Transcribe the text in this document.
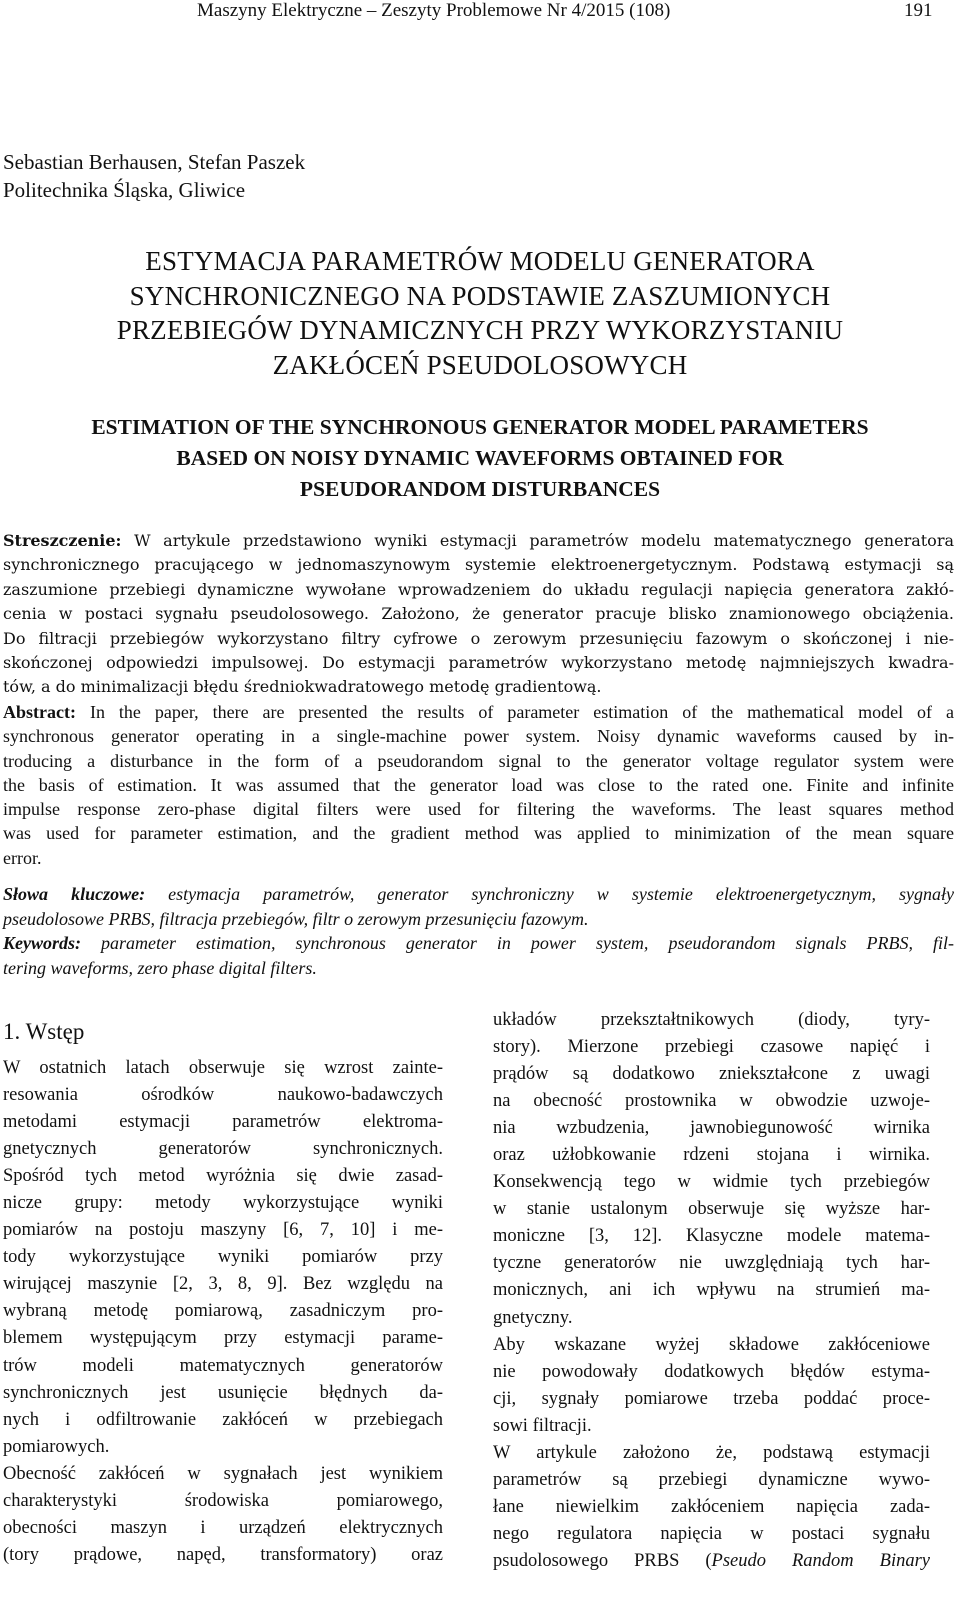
Maszyny Elektryczne – Zeszyty Problemowe Nr 4/2015 (108)	191
Sebastian Berhausen, Stefan Paszek
Politechnika Śląska, Gliwice
ESTYMACJA PARAMETRÓW MODELU GENERATORA
SYNCHRONICZNEGO NA PODSTAWIE ZASZUMIONYCH
PRZEBIEGÓW DYNAMICZNYCH PRZY WYKORZYSTANIU
ZAKŁÓCEŃ PSEUDOLOSOWYCH
ESTIMATION OF THE SYNCHRONOUS GENERATOR MODEL PARAMETERS
BASED ON NOISY DYNAMIC WAVEFORMS OBTAINED FOR
PSEUDORANDOM DISTURBANCES
Streszczenie: W artykule przedstawiono wyniki estymacji parametrów modelu matematycznego generatora
synchronicznego pracującego w jednomaszynowym systemie elektroenergetycznym. Podstawą estymacji są
zaszumione przebiegi dynamiczne wywołane wprowadzeniem do układu regulacji napięcia generatora zakłó-
cenia w postaci sygnału pseudolosowego. Założono, że generator pracuje blisko znamionowego obciążenia.
Do filtracji przebiegów wykorzystano filtry cyfrowe o zerowym przesunięciu fazowym o skończonej i nie-
skończonej odpowiedzi impulsowej. Do estymacji parametrów wykorzystano metodę najmniejszych kwadra-
tów, a do minimalizacji błędu średniokwadratowego metodę gradientową.
Abstract: In the paper, there are presented the results of parameter estimation of the mathematical model of a
synchronous generator operating in a single-machine power system. Noisy dynamic waveforms caused by in-
troducing a disturbance in the form of a pseudorandom signal to the generator voltage regulator system were
the basis of estimation. It was assumed that the generator load was close to the rated one. Finite and infinite
impulse response zero-phase digital filters were used for filtering the waveforms. The least squares method
was used for parameter estimation, and the gradient method was applied to minimization of the mean square
error.
Słowa kluczowe: estymacja parametrów, generator synchroniczny w systemie elektroenergetycznym, sygnały
pseudolosowe PRBS, filtracja przebiegów, filtr o zerowym przesunięciu fazowym.
Keywords: parameter estimation, synchronous generator in power system, pseudorandom signals PRBS, fil-
tering waveforms, zero phase digital filters.
1. Wstęp
W ostatnich latach obserwuje się wzrost zainte-
resowania ośrodków naukowo-badawczych
metodami estymacji parametrów elektroma-
gnetycznych generatorów synchronicznych.
Spośród tych metod wyróżnia się dwie zasad-
nicze grupy: metody wykorzystujące wyniki
pomiarów na postoju maszyny [6, 7, 10] i me-
tody wykorzystujące wyniki pomiarów przy
wirującej maszynie [2, 3, 8, 9]. Bez względu na
wybraną metodę pomiarową, zasadniczym pro-
blemem występującym przy estymacji paramе-
trów modeli matematycznych generatorów
synchronicznych jest usunięcie błędnych da-
nych i odfiltrowanie zakłóceń w przebiegach
pomiarowych.
Obecność zakłóceń w sygnałach jest wynikiem
charakterystyki środowiska pomiarowego,
obecności maszyn i urządzeń elektrycznych
(tory prądowe, napęd, transformatory) oraz
układów przekształtnikowych (diody, tyry-
story). Mierzone przebiegi czasowe napięć i
prądów są dodatkowo zniekształcone z uwagi
na obecność prostownika w obwodzie uzwoje-
nia wzbudzenia, jawnobiegunowość wirnika
oraz użłobkowanie rdzeni stojana i wirnika.
Konsekwencją tego w widmie tych przebiegów
w stanie ustalonym obserwuje się wyższe har-
moniczne [3, 12]. Klasyczne modele matema-
tyczne generatorów nie uwzględniają tych har-
monicznych, ani ich wpływu na strumień ma-
gnetyczny.
Aby wskazane wyżej składowe zakłóceniowe
nie powodowały dodatkowych błędów estyma-
cji, sygnały pomiarowe trzeba poddać proce-
sowi filtracji.
W artykule założono że, podstawą estymacji
parametrów są przebiegi dynamiczne wywo-
łane niewielkim zakłóceniem napięcia zada-
nego regulatora napięcia w postaci sygnału
psudolosowego PRBS (Pseudo Random Binary
